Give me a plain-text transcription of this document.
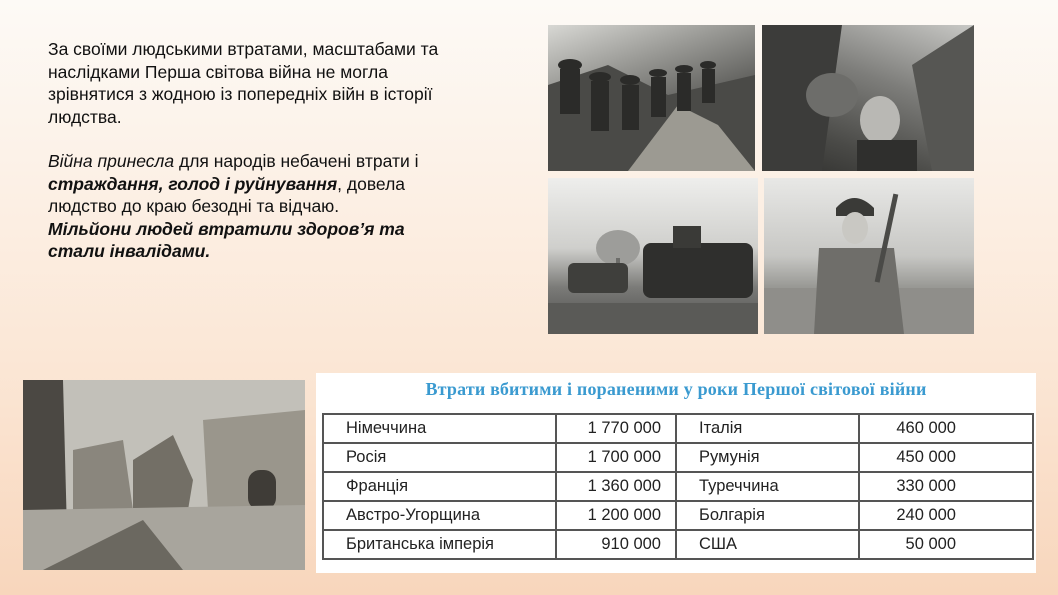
За своїми людськими втратами, масштабами та наслідками Перша світова війна не могла зрівнятися з жодною із попередніх війн в історії людства.

Війна принесла для народів небачені втрати і страждання, голод і руйнування, довела людство до краю безодні та відчаю.

Мільйони людей втратили здоров’я та стали інвалідами.

Втрати вбитими і пораненими у роки Першої світової війни
Німеччина	1 770 000	Італія	460 000
Росія	1 700 000	Румунія	450 000
Франція	1 360 000	Туреччина	330 000
Австро-Угорщина	1 200 000	Болгарія	240 000
Британська імперія	910 000	США	50 000
